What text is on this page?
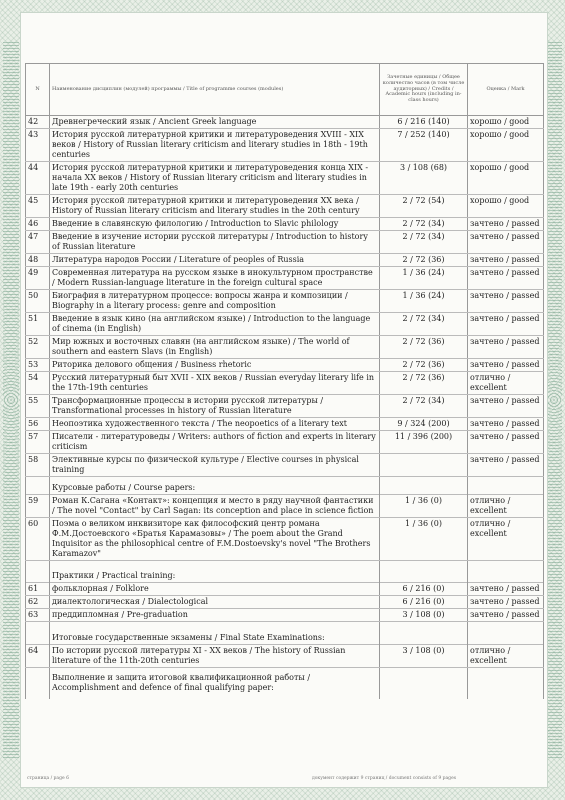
N	Наименование дисциплин (модулей) программы / Title of programme courses (modules)	Зачетные единицы / Общее количество часов (в том числе аудиторных) / Credits / Academic hours (including in-class hours)	Оценка / Mark
42	Древнегреческий язык / Ancient Greek language	6 / 216 (140)	хорошо / good
43	История русской литературной критики и литературоведения XVIII - XIX веков / History of Russian literary criticism and literary studies in 18th - 19th centuries	7 / 252 (140)	хорошо / good
44	История русской литературной критики и литературоведения конца XIX - начала XX веков / History of Russian literary criticism and literary studies in late 19th - early 20th centuries	3 / 108 (68)	хорошо / good
45	История русской литературной критики и литературоведения XX века / History of Russian literary criticism and literary studies in the 20th century	2 / 72 (54)	хорошо / good
46	Введение в славянскую филологию / Introduction to Slavic philology	2 / 72 (34)	зачтено / passed
47	Введение в изучение истории русской литературы / Introduction to history of Russian literature	2 / 72 (34)	зачтено / passed
48	Литература народов России / Literature of peoples of Russia	2 / 72 (36)	зачтено / passed
49	Современная литература на русском языке в инокультурном пространстве / Modern Russian-language literature in the foreign cultural space	1 / 36 (24)	зачтено / passed
50	Биография в литературном процессе: вопросы жанра и композиции / Biography in a literary process: genre and composition	1 / 36 (24)	зачтено / passed
51	Введение в язык кино (на английском языке) / Introduction to the language of cinema (in English)	2 / 72 (34)	зачтено / passed
52	Мир южных и восточных славян (на английском языке) / The world of southern and eastern Slavs (in English)	2 / 72 (36)	зачтено / passed
53	Риторика делового общения / Business rhetoric	2 / 72 (36)	зачтено / passed
54	Русский литературный быт XVII - XIX веков / Russian everyday literary life in the 17th-19th centuries	2 / 72 (36)	отлично / excellent
55	Трансформационные процессы в истории русской литературы / Transformational processes in history of Russian literature	2 / 72 (34)	зачтено / passed
56	Неопоэтика художественного текста / The neopoetics of a literary text	9 / 324 (200)	зачтено / passed
57	Писатели - литературоведы / Writers: authors of fiction and experts in literary criticism	11 / 396 (200)	зачтено / passed
58	Элективные курсы по физической культуре / Elective courses in physical training		зачтено / passed

	Курсовые работы / Course papers:		
59	Роман К.Сагана «Контакт»: концепция и место в ряду научной фантастики / The novel "Contact" by Carl Sagan: its conception and place in science fiction	1 / 36 (0)	отлично / excellent
60	Поэма о великом инквизиторе как философский центр романа Ф.М.Достоевского «Братья Карамазовы» / The poem about the Grand Inquisitor as the philosophical centre of F.M.Dostoevsky's novel "The Brothers Karamazov"	1 / 36 (0)	отлично / excellent

	Практики / Practical training:		
61	фольклорная / Folklore	6 / 216 (0)	зачтено / passed
62	диалектологическая / Dialectological	6 / 216 (0)	зачтено / passed
63	преддипломная / Pre-graduation	3 / 108 (0)	зачтено / passed

	Итоговые государственные экзамены / Final State Examinations:		
64	По истории русской литературы XI - XX веков / The history of Russian literature of the 11th-20th centuries	3 / 108 (0)	отлично / excellent

	Выполнение и защита итоговой квалификационной работы / Accomplishment and defence of final qualifying paper:		

страница / page 6	документ содержит 9 страниц / document consists of 9 pages
